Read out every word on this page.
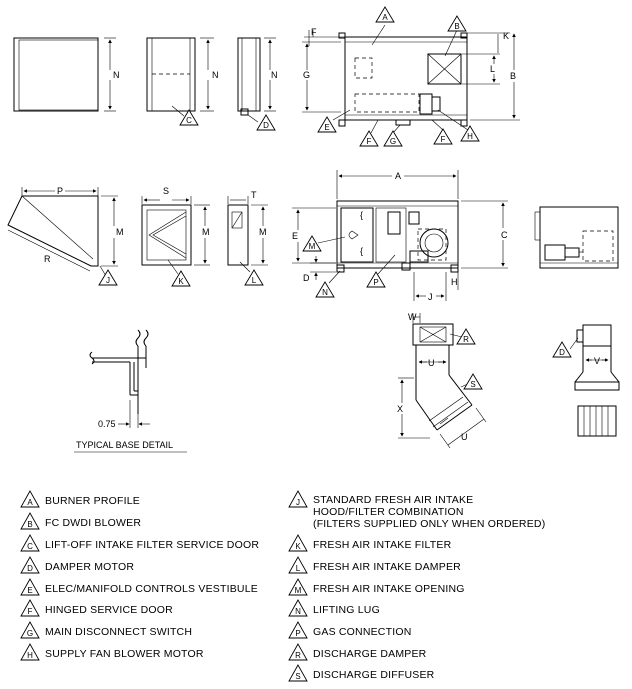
N	N	N
F
G
K
L
B
P
R
M
S
M
T
M
{
{
A
E
D
C
H
J
0.75
TYPICAL BASE DETAIL
W
U
X
U
V
C
D
A
B
E
F G	F	H
J	K	L
M
N
P
R
S
D
A BURNER PROFILE
B FC DWDI BLOWER
C LIFT-OFF INTAKE FILTER SERVICE DOOR
D DAMPER MOTOR
E ELEC/MANIFOLD CONTROLS VESTIBULE
F HINGED SERVICE DOOR
G MAIN DISCONNECT SWITCH
H SUPPLY FAN BLOWER MOTOR
J STANDARD FRESH AIR INTAKE
HOOD/FILTER COMBINATION
(FILTERS SUPPLIED ONLY WHEN ORDERED)
K FRESH AIR INTAKE FILTER
L FRESH AIR INTAKE DAMPER
M FRESH AIR INTAKE OPENING
N LIFTING LUG
P GAS CONNECTION
R DISCHARGE DAMPER
S DISCHARGE DIFFUSER
